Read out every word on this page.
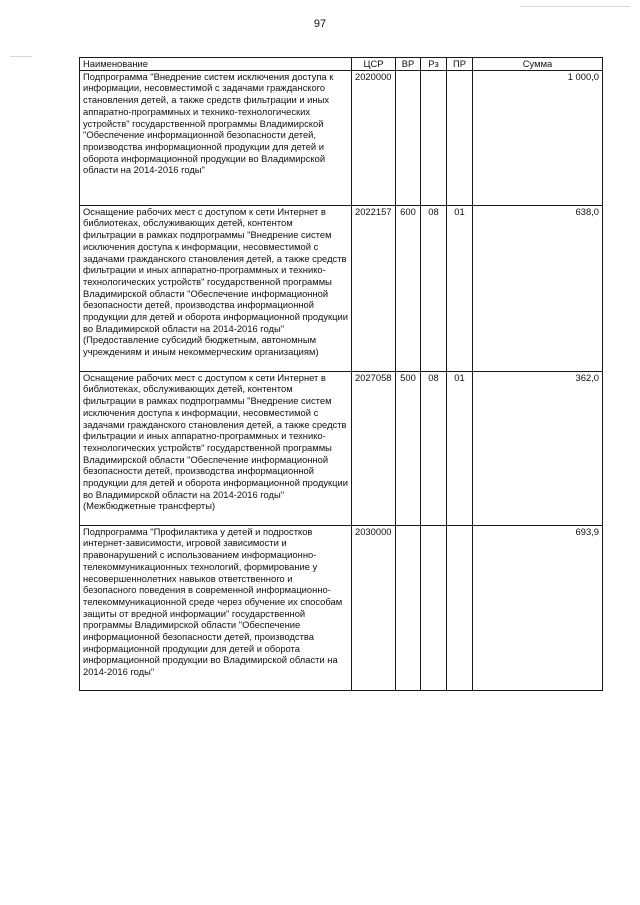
97
Наименование	ЦСР	ВР	Рз	ПР	Сумма
Подпрограмма "Внедрение систем исключения доступа к информации, несовместимой с задачами гражданского становления детей, а также средств фильтрации и иных аппаратно-программных и технико-технологических устройств" государственной программы Владимирской "Обеспечение информационной безопасности детей, производства информационной продукции для детей и оборота информационной продукции во Владимирской области на 2014-2016 годы"	2020000				1 000,0
Оснащение рабочих мест с доступом к сети Интернет в библиотеках, обслуживающих детей, контентом фильтрации в рамках подпрограммы "Внедрение систем исключения доступа к информации, несовместимой с задачами гражданского становления детей, а также средств фильтрации и иных аппаратно-программных и технико-технологических устройств" государственной программы Владимирской области "Обеспечение информационной безопасности детей, производства информационной продукции для детей и оборота информационной продукции во Владимирской области на 2014-2016 годы" (Предоставление субсидий бюджетным, автономным учреждениям и иным некоммерческим организациям)	2022157	600	08	01	638,0
Оснащение рабочих мест с доступом к сети Интернет в библиотеках, обслуживающих детей, контентом фильтрации в рамках подпрограммы "Внедрение систем исключения доступа к информации, несовместимой с задачами гражданского становления детей, а также средств фильтрации и иных аппаратно-программных и технико-технологических устройств" государственной программы Владимирской области "Обеспечение информационной безопасности детей, производства информационной продукции для детей и оборота информационной продукции во Владимирской области на 2014-2016 годы" (Межбюджетные трансферты)	2027058	500	08	01	362,0
Подпрограмма "Профилактика у детей и подростков интернет-зависимости, игровой зависимости и правонарушений с использованием информационно-телекоммуникационных технологий, формирование у несовершеннолетних навыков ответственного и безопасного поведения в современной информационно-телекоммуникационной среде через обучение их способам защиты от вредной информации" государственной программы Владимирской области "Обеспечение информационной безопасности детей, производства информационной продукции для детей и оборота информационной продукции во Владимирской области на 2014-2016 годы"	2030000				693,9
